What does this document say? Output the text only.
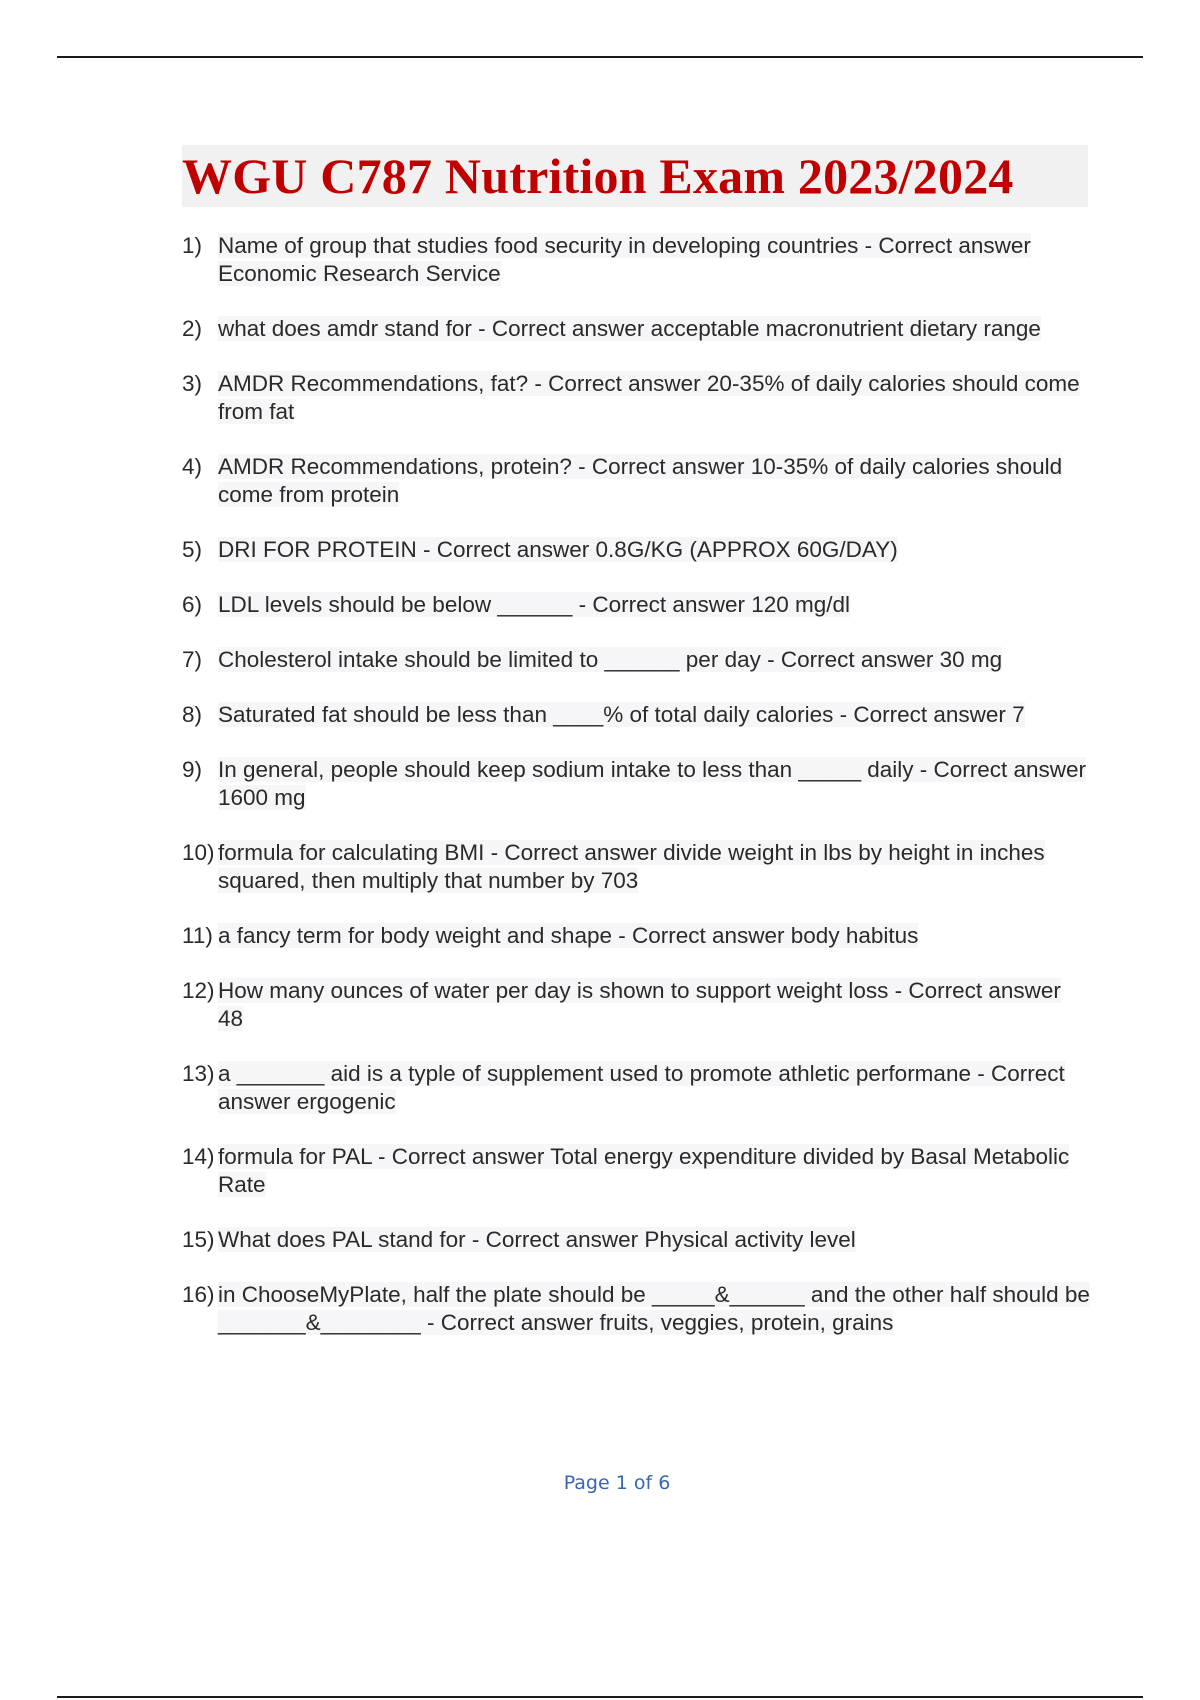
WGU C787 Nutrition Exam 2023/2024
1) Name of group that studies food security in developing countries - Correct answer Economic Research Service
2) what does amdr stand for - Correct answer acceptable macronutrient dietary range
3) AMDR Recommendations, fat? - Correct answer 20-35% of daily calories should come from fat
4) AMDR Recommendations, protein? - Correct answer 10-35% of daily calories should come from protein
5) DRI FOR PROTEIN - Correct answer 0.8G/KG (APPROX 60G/DAY)
6) LDL levels should be below ______ - Correct answer 120 mg/dl
7) Cholesterol intake should be limited to ______ per day - Correct answer 30 mg
8) Saturated fat should be less than ____% of total daily calories - Correct answer 7
9) In general, people should keep sodium intake to less than _____ daily - Correct answer 1600 mg
10) formula for calculating BMI - Correct answer divide weight in lbs by height in inches squared, then multiply that number by 703
11) a fancy term for body weight and shape - Correct answer body habitus
12) How many ounces of water per day is shown to support weight loss - Correct answer 48
13) a _______ aid is a typle of supplement used to promote athletic performane - Correct answer ergogenic
14) formula for PAL - Correct answer Total energy expenditure divided by Basal Metabolic Rate
15) What does PAL stand for - Correct answer Physical activity level
16) in ChooseMyPlate, half the plate should be _____&______ and the other half should be _______&________ - Correct answer fruits, veggies, protein, grains
Page 1 of 6
